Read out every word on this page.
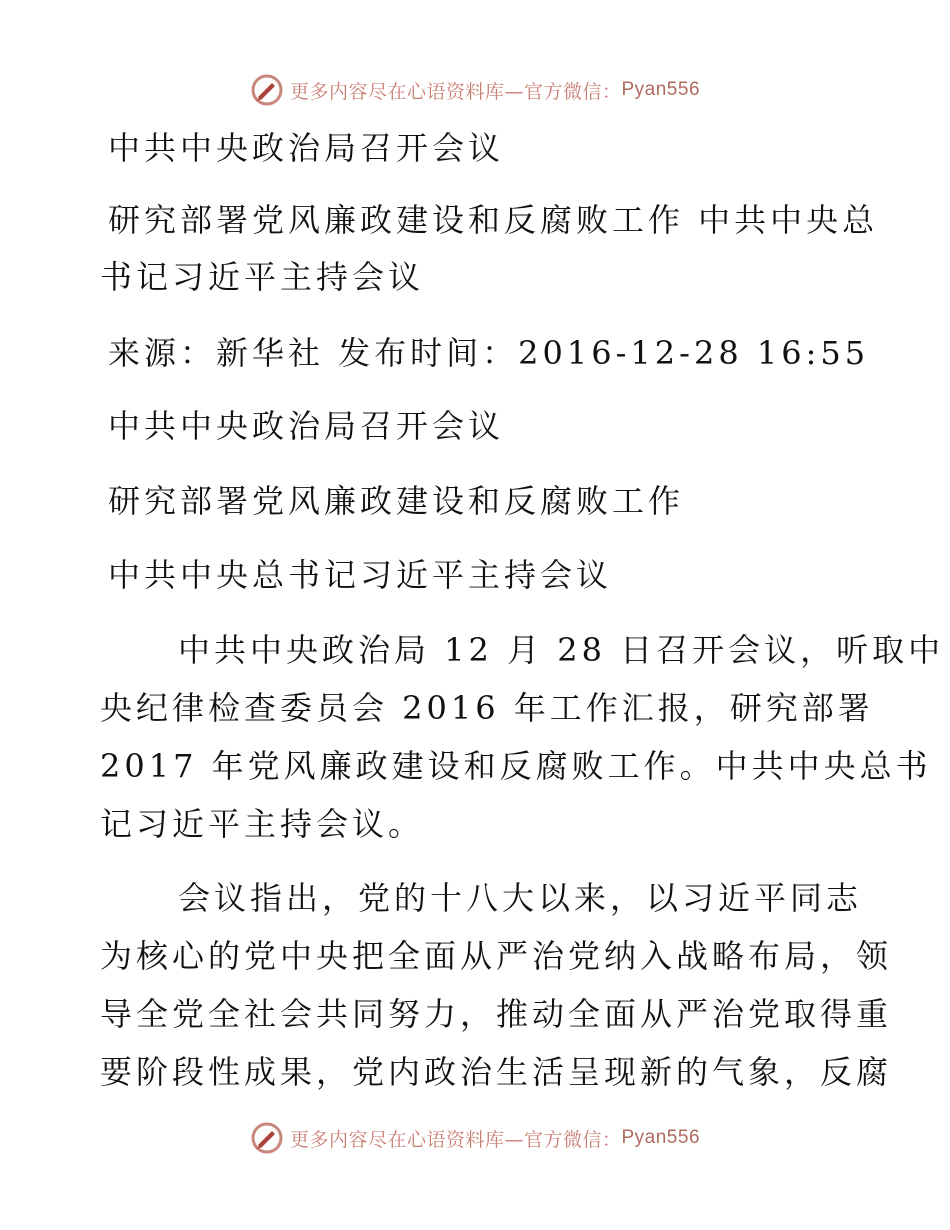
更多内容尽在心语资料库—官方微信： Pyan556
中共中央政治局召开会议
研究部署党风廉政建设和反腐败工作 中共中央总
书记习近平主持会议
来源：新华社 发布时间：2016-12-28 16:55
中共中央政治局召开会议
研究部署党风廉政建设和反腐败工作
中共中央总书记习近平主持会议
中共中央政治局 12 月 28 日召开会议，听取中
央纪律检查委员会 2016 年工作汇报，研究部署
2017 年党风廉政建设和反腐败工作。中共中央总书
记习近平主持会议。
会议指出，党的十八大以来，以习近平同志
为核心的党中央把全面从严治党纳入战略布局，领
导全党全社会共同努力，推动全面从严治党取得重
要阶段性成果，党内政治生活呈现新的气象，反腐
更多内容尽在心语资料库—官方微信： Pyan556
